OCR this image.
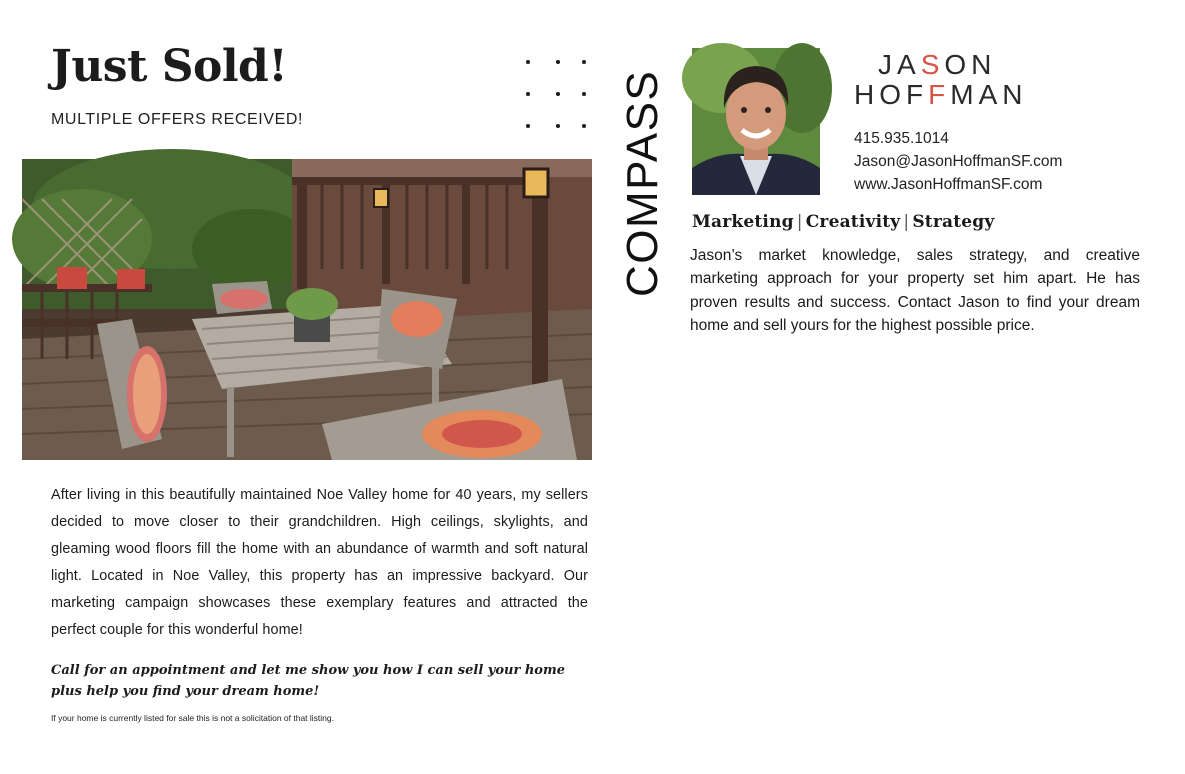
Just Sold!
MULTIPLE OFFERS RECEIVED!
After living in this beautifully maintained Noe Valley home for 40 years, my sellers decided to move closer to their grandchildren. High ceilings, skylights, and gleaming wood floors fill the home with an abundance of warmth and soft natural light. Located in Noe Valley, this property has an impressive backyard. Our marketing campaign showcases these exemplary features and attracted the perfect couple for this wonderful home!
Call for an appointment and let me show you how I can sell your home plus help you find your dream home!
If your home is currently listed for sale this is not a solicitation of that listing.
COMPASS
JASON
HOFFMAN
415.935.1014
Jason@JasonHoffmanSF.com
www.JasonHoffmanSF.com
Marketing | Creativity | Strategy
Jason’s market knowledge, sales strategy, and creative marketing approach for your property set him apart. He has proven results and success. Contact Jason to find your dream home and sell yours for the highest possible price.
